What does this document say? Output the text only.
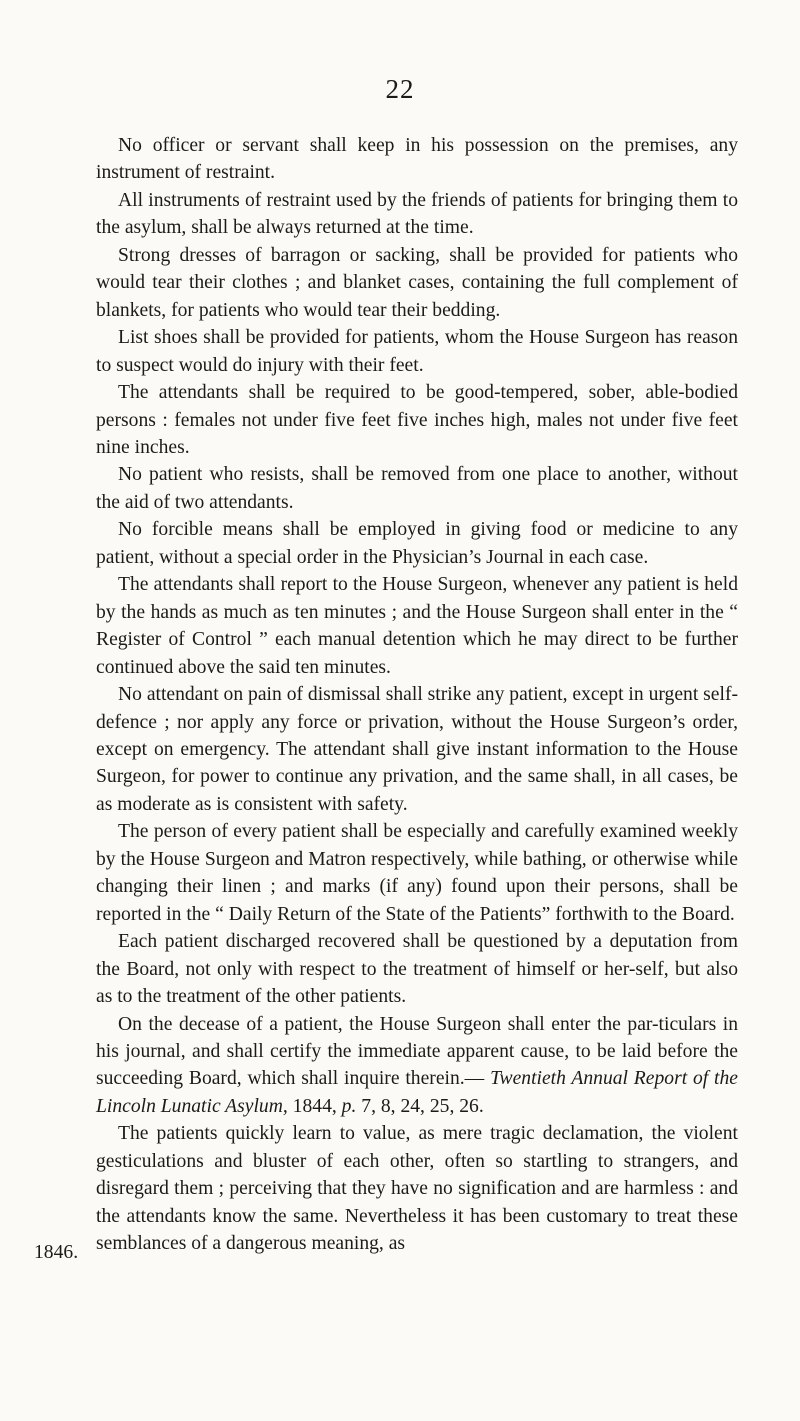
22
1846.

No officer or servant shall keep in his possession on the premises, any instrument of restraint.

All instruments of restraint used by the friends of patients for bringing them to the asylum, shall be always returned at the time.

Strong dresses of barragon or sacking, shall be provided for patients who would tear their clothes ; and blanket cases, containing the full complement of blankets, for patients who would tear their bedding.

List shoes shall be provided for patients, whom the House Surgeon has reason to suspect would do injury with their feet.

The attendants shall be required to be good-tempered, sober, able-bodied persons : females not under five feet five inches high, males not under five feet nine inches.

No patient who resists, shall be removed from one place to another, without the aid of two attendants.

No forcible means shall be employed in giving food or medicine to any patient, without a special order in the Physician’s Journal in each case.

The attendants shall report to the House Surgeon, whenever any patient is held by the hands as much as ten minutes ; and the House Surgeon shall enter in the “ Register of Control ” each manual detention which he may direct to be further continued above the said ten minutes.

No attendant on pain of dismissal shall strike any patient, except in urgent self-defence ; nor apply any force or privation, without the House Surgeon’s order, except on emergency. The attendant shall give instant information to the House Surgeon, for power to continue any privation, and the same shall, in all cases, be as moderate as is consistent with safety.

The person of every patient shall be especially and carefully examined weekly by the House Surgeon and Matron respectively, while bathing, or otherwise while changing their linen ; and marks (if any) found upon their persons, shall be reported in the “ Daily Return of the State of the Patients” forthwith to the Board.

Each patient discharged recovered shall be questioned by a deputation from the Board, not only with respect to the treatment of himself or her-self, but also as to the treatment of the other patients.

On the decease of a patient, the House Surgeon shall enter the par-ticulars in his journal, and shall certify the immediate apparent cause, to be laid before the succeeding Board, which shall inquire therein.— Twentieth Annual Report of the Lincoln Lunatic Asylum, 1844, p. 7, 8, 24, 25, 26.

The patients quickly learn to value, as mere tragic declamation, the violent gesticulations and bluster of each other, often so startling to strangers, and disregard them ; perceiving that they have no signification and are harmless : and the attendants know the same. Nevertheless it has been customary to treat these semblances of a dangerous meaning, as
